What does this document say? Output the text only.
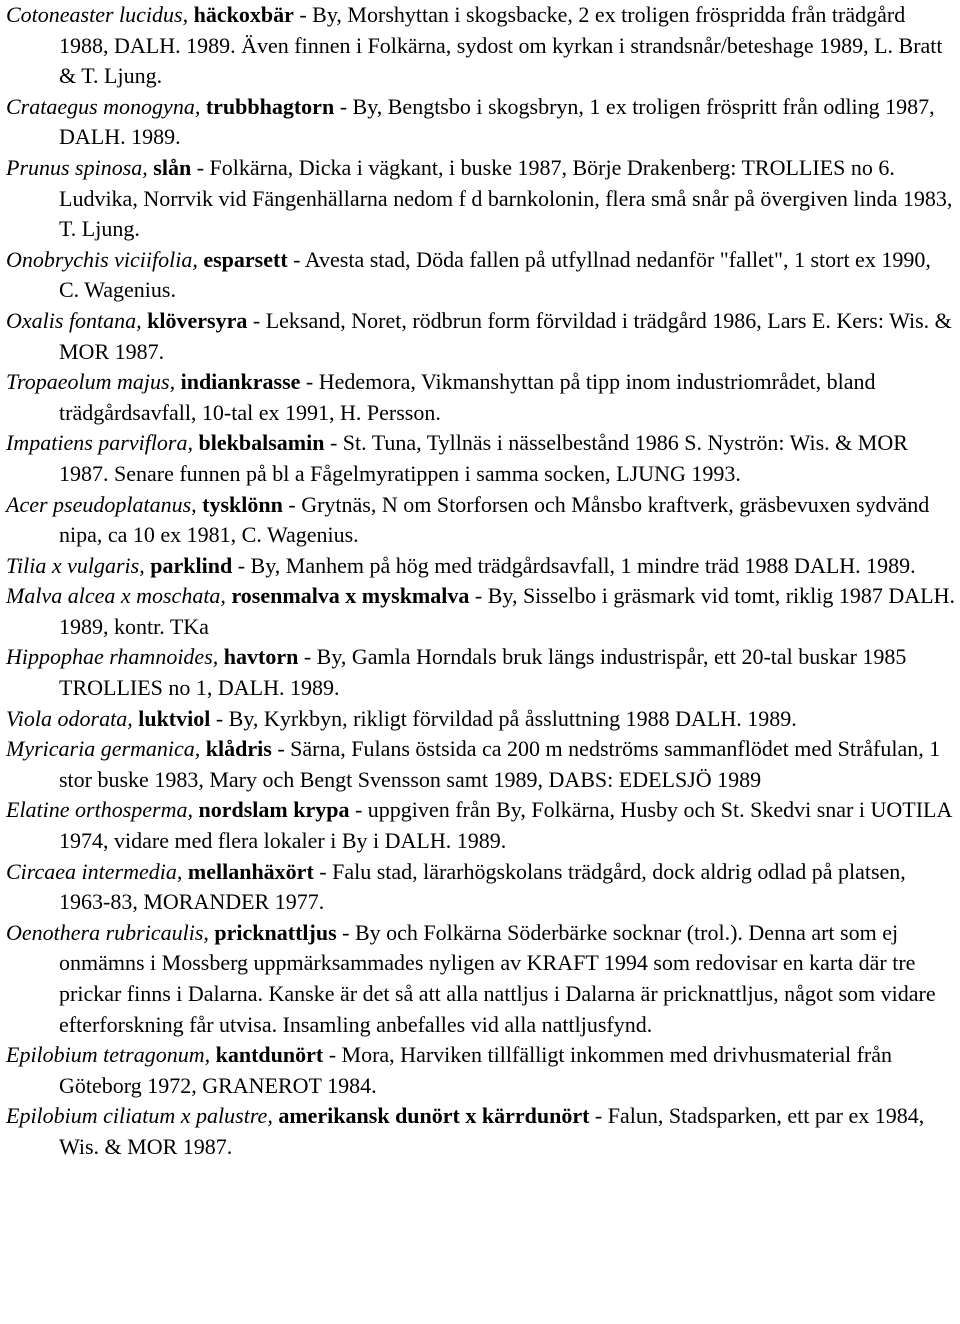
Cotoneaster lucidus, häckoxbär - By, Morshyttan i skogsbacke, 2 ex troligen fröspridda från trädgård 1988, DALH. 1989. Även finnen i Folkärna, sydost om kyrkan i strandsnår/beteshage 1989, L. Bratt & T. Ljung.

Crataegus monogyna, trubbhagtorn - By, Bengtsbo i skogsbryn, 1 ex troligen fröspritt från odling 1987, DALH. 1989.

Prunus spinosa, slån - Folkärna, Dicka i vägkant, i buske 1987, Börje Drakenberg: TROLLIES no 6. Ludvika, Norrvik vid Fängenhällarna nedom f d barnkolonin, flera små snår på övergiven linda 1983, T. Ljung.

Onobrychis viciifolia, esparsett - Avesta stad, Döda fallen på utfyllnad nedanför "fallet", 1 stort ex 1990, C. Wagenius.

Oxalis fontana, klöversyra - Leksand, Noret, rödbrun form förvildad i trädgård 1986, Lars E. Kers: Wis. & MOR 1987.

Tropaeolum majus, indiankrasse - Hedemora, Vikmanshyttan på tipp inom industriområdet, bland trädgårdsavfall, 10-tal ex 1991, H. Persson.

Impatiens parviflora, blekbalsamin - St. Tuna, Tyllnäs i nässelbestånd 1986 S. Nyströn: Wis. & MOR 1987. Senare funnen på bl a Fågelmyratippen i samma socken, LJUNG 1993.

Acer pseudoplatanus, tysklönn - Grytnäs, N om Storforsen och Månsbo kraftverk, gräsbevuxen sydvänd nipa, ca 10 ex 1981, C. Wagenius.

Tilia x vulgaris, parklind - By, Manhem på hög med trädgårdsavfall, 1 mindre träd 1988 DALH. 1989.

Malva alcea x moschata, rosenmalva x myskmalva - By, Sisselbo i gräsmark vid tomt, riklig 1987 DALH. 1989, kontr. TKa

Hippophae rhamnoides, havtorn - By, Gamla Horndals bruk längs industrispår, ett 20-tal buskar 1985 TROLLIES no 1, DALH. 1989.

Viola odorata, luktviol - By, Kyrkbyn, rikligt förvildad på åssluttning 1988 DALH. 1989.

Myricaria germanica, klådris - Särna, Fulans östsida ca 200 m nedströms sammanflödet med Stråfulan, 1 stor buske 1983, Mary och Bengt Svensson samt 1989, DABS: EDELSJÖ 1989

Elatine orthosperma, nordslam krypa - uppgiven från By, Folkärna, Husby och St. Skedvi snar i UOTILA 1974, vidare med flera lokaler i By i DALH. 1989.

Circaea intermedia, mellanhäxört - Falu stad, lärarhögskolans trädgård, dock aldrig odlad på platsen, 1963-83, MORANDER 1977.

Oenothera rubricaulis, pricknattljus - By och Folkärna Söderbärke socknar (trol.). Denna art som ej onmämns i Mossberg uppmärksammades nyligen av KRAFT 1994 som redovisar en karta där tre prickar finns i Dalarna. Kanske är det så att alla nattljus i Dalarna är pricknattljus, något som vidare efterforskning får utvisa. Insamling anbefalles vid alla nattljusfynd.

Epilobium tetragonum, kantdunört - Mora, Harviken tillfälligt inkommen med drivhusmaterial från Göteborg 1972, GRANEROT 1984.

Epilobium ciliatum x palustre, amerikansk dunört x kärrdunört - Falun, Stadsparken, ett par ex 1984, Wis. & MOR 1987.
